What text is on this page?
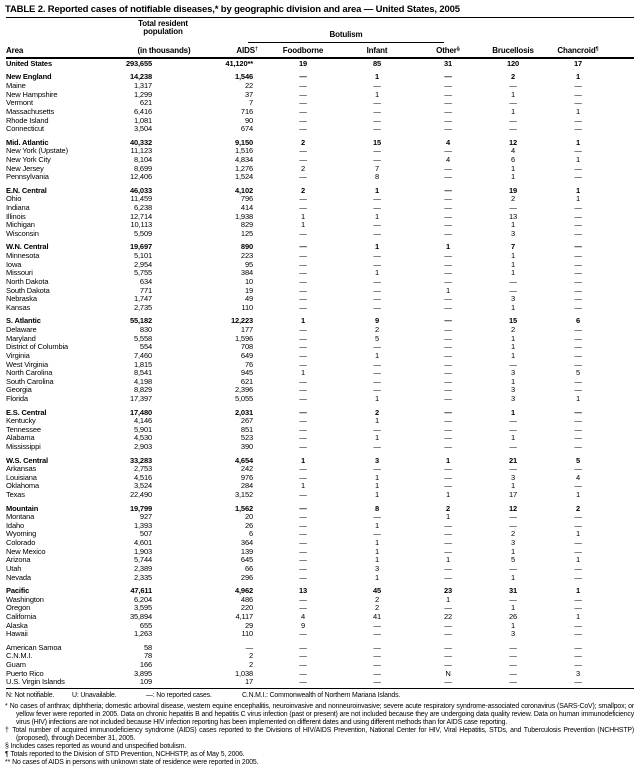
TABLE 2. Reported cases of notifiable diseases,* by geographic division and area — United States, 2005
Area
Total resident
population
(in thousands)	AIDS†
Botulism
Foodborne	Infant	Other§	Brucellosis	Chancroid¶
United States	293,655	41,120**	19	85	31	120	17
New England	14,238	1,546	—	1	—	2	1
Maine	1,317	22	—	—	—	—	—
New Hampshire	1,299	37	—	1	—	1	—
Vermont	621	7	—	—	—	—	—
Massachusetts	6,416	716	—	—	—	1	1
Rhode Island	1,081	90	—	—	—	—	—
Connecticut	3,504	674	—	—	—	—	—
Mid. Atlantic	40,332	9,150	2	15	4	12	1
New York (Upstate)	11,123	1,516	—	—	—	4	—
New York City	8,104	4,834	—	—	4	6	1
New Jersey	8,699	1,276	2	7	—	1	—
Pennsylvania	12,406	1,524	—	8	—	1	—
E.N. Central	46,033	4,102	2	1	—	19	1
Ohio	11,459	796	—	—	—	2	1
Indiana	6,238	414	—	—	—	—	—
Illinois	12,714	1,938	1	1	—	13	—
Michigan	10,113	829	1	—	—	1	—
Wisconsin	5,509	125	—	—	—	3	—
W.N. Central	19,697	890	—	1	1	7	—
Minnesota	5,101	223	—	—	—	1	—
Iowa	2,954	95	—	—	—	1	—
Missouri	5,755	384	—	1	—	1	—
North Dakota	634	10	—	—	—	—	—
South Dakota	771	19	—	—	1	—	—
Nebraska	1,747	49	—	—	—	3	—
Kansas	2,735	110	—	—	—	1	—
S. Atlantic	55,182	12,223	1	9	—	15	6
Delaware	830	177	—	2	—	2	—
Maryland	5,558	1,596	—	5	—	1	—
District of Columbia	554	708	—	—	—	1	—
Virginia	7,460	649	—	1	—	1	—
West Virginia	1,815	76	—	—	—	—	—
North Carolina	8,541	945	1	—	—	3	5
South Carolina	4,198	621	—	—	—	1	—
Georgia	8,829	2,396	—	—	—	3	—
Florida	17,397	5,055	—	1	—	3	1
E.S. Central	17,480	2,031	—	2	—	1	—
Kentucky	4,146	267	—	1	—	—	—
Tennessee	5,901	851	—	—	—	—	—
Alabama	4,530	523	—	1	—	1	—
Mississippi	2,903	390	—	—	—	—	—
W.S. Central	33,283	4,654	1	3	1	21	5
Arkansas	2,753	242	—	—	—	—	—
Louisiana	4,516	976	—	1	—	3	4
Oklahoma	3,524	284	1	1	—	1	—
Texas	22,490	3,152	—	1	1	17	1
Mountain	19,799	1,562	—	8	2	12	2
Montana	927	20	—	—	1	—	—
Idaho	1,393	26	—	1	—	—	—
Wyoming	507	6	—	—	—	2	1
Colorado	4,601	364	—	1	—	3	—
New Mexico	1,903	139	—	1	—	1	—
Arizona	5,744	645	—	1	1	5	1
Utah	2,389	66	—	3	—	—	—
Nevada	2,335	296	—	1	—	1	—
Pacific	47,611	4,962	13	45	23	31	1
Washington	6,204	486	—	2	1	—	—
Oregon	3,595	220	—	2	—	1	—
California	35,894	4,117	4	41	22	26	1
Alaska	655	29	9	—	—	1	—
Hawaii	1,263	110	—	—	—	3	—
American Samoa	58	—	—	—	—	—	—
C.N.M.I.	78	2	—	—	—	—	—
Guam	166	2	—	—	—	—	—
Puerto Rico	3,895	1,038	—	—	N	—	3
U.S. Virgin Islands	109	17	—	—	—	—	—
N: Not notifiable.	U: Unavailable.	—: No reported cases.	C.N.M.I.: Commonwealth of Northern Mariana Islands.
* No cases of anthrax; diphtheria; domestic arboviral disease, western equine encephalitis, neuroinvasive and nonneuroinvasive; severe acute respiratory syndrome-associated coronavirus (SARS-CoV); smallpox; or yellow fever were reported in 2005. Data on chronic hepatitis B and hepatitis C virus infection (past or present) are not included because they are undergoing data quality review. Data on human immunodeficiency virus (HIV) infections are not included because HIV infection reporting has been implemented on different dates and using different methods than for AIDS case reporting.
† Total number of acquired immunodeficiency syndrome (AIDS) cases reported to the Divisions of HIV/AIDS Prevention, National Center for HIV, Viral Hepatitis, STDs, and Tuberculosis Prevention (NCHHSTP) (proposed), through December 31, 2005.
§ Includes cases reported as wound and unspecified botulism.
¶ Totals reported to the Division of STD Prevention, NCHHSTP, as of May 5, 2006.
** No cases of AIDS in persons with unknown state of residence were reported in 2005.
